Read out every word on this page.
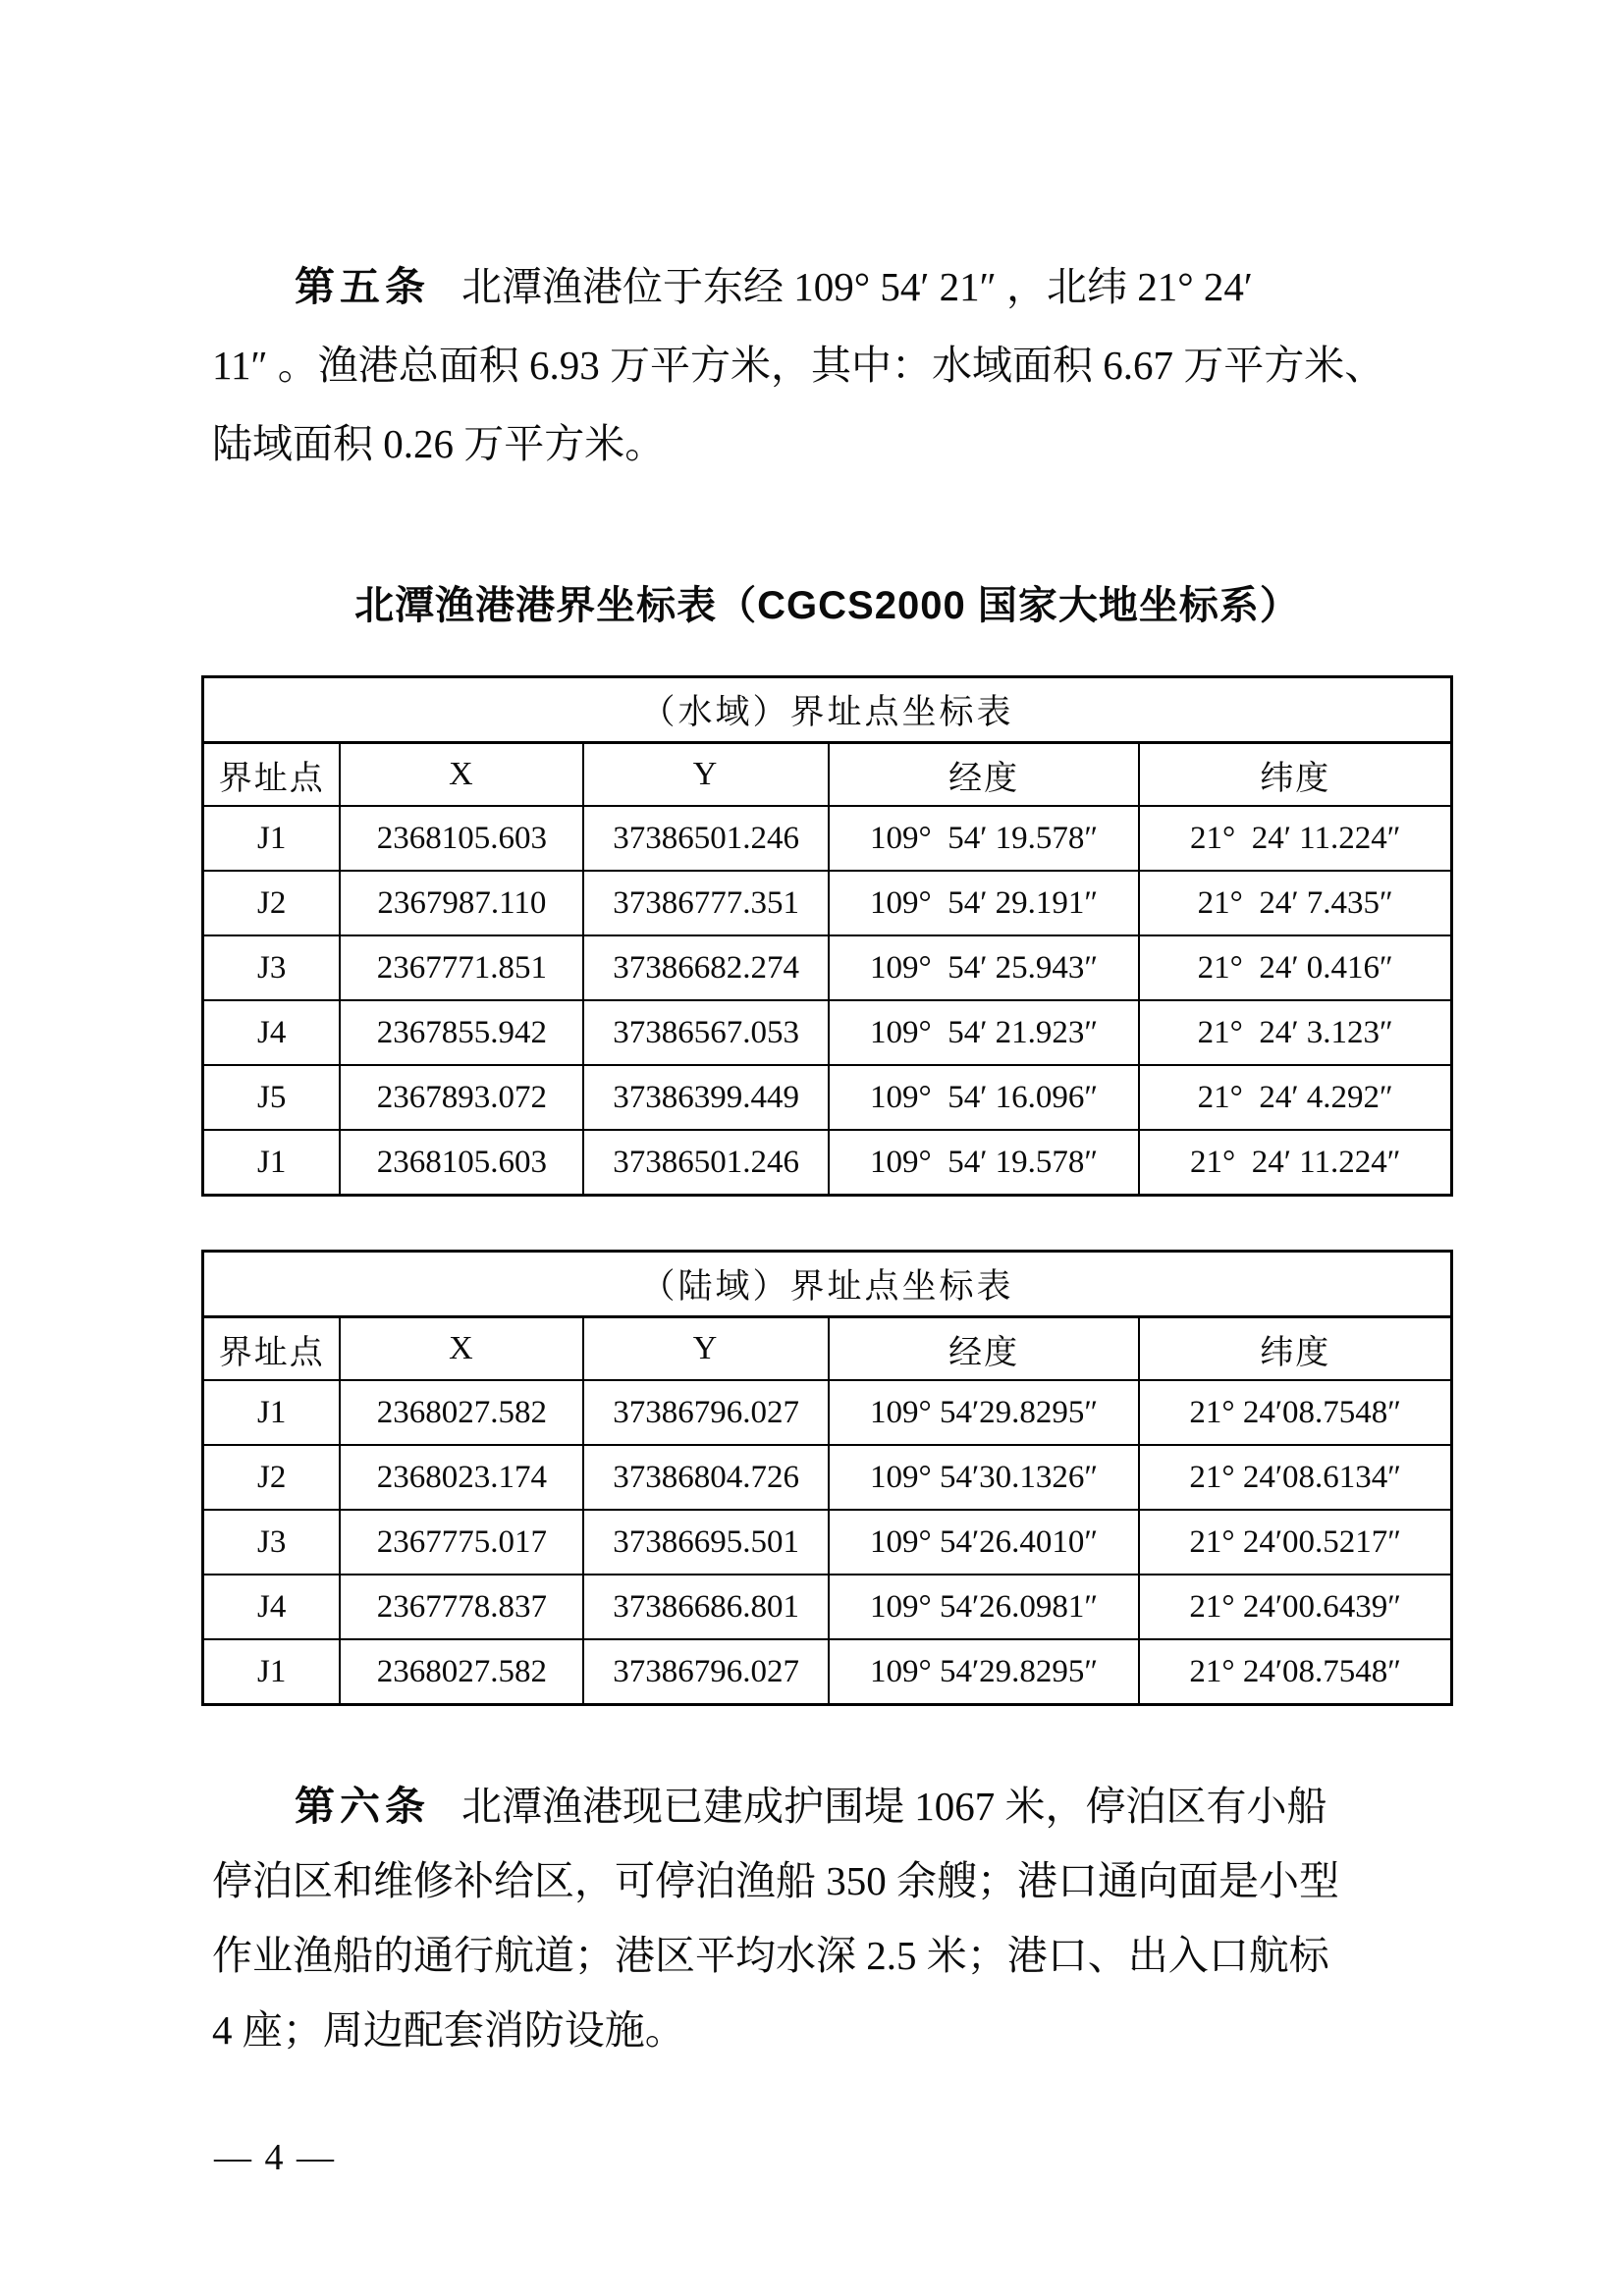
第五条 北潭渔港位于东经 109° 54′ 21″ ，北纬 21° 24′
11″ 。渔港总面积 6.93 万平方米，其中：水域面积 6.67 万平方米、
陆域面积 0.26 万平方米。
北潭渔港港界坐标表（CGCS2000 国家大地坐标系）
（水域）界址点坐标表				
界址点	X	Y	经度	纬度
J1	2368105.603	37386501.246	109°  54′ 19.578″	21°  24′ 11.224″
J2	2367987.110	37386777.351	109°  54′ 29.191″	21°  24′ 7.435″
J3	2367771.851	37386682.274	109°  54′ 25.943″	21°  24′ 0.416″
J4	2367855.942	37386567.053	109°  54′ 21.923″	21°  24′ 3.123″
J5	2367893.072	37386399.449	109°  54′ 16.096″	21°  24′ 4.292″
J1	2368105.603	37386501.246	109°  54′ 19.578″	21°  24′ 11.224″
（陆域）界址点坐标表				
界址点	X	Y	经度	纬度
J1	2368027.582	37386796.027	109° 54′29.8295″	21° 24′08.7548″
J2	2368023.174	37386804.726	109° 54′30.1326″	21° 24′08.6134″
J3	2367775.017	37386695.501	109° 54′26.4010″	21° 24′00.5217″
J4	2367778.837	37386686.801	109° 54′26.0981″	21° 24′00.6439″
J1	2368027.582	37386796.027	109° 54′29.8295″	21° 24′08.7548″
第六条 北潭渔港现已建成护围堤 1067 米，停泊区有小船
停泊区和维修补给区，可停泊渔船 350 余艘；港口通向面是小型
作业渔船的通行航道；港区平均水深 2.5 米；港口、出入口航标
4 座；周边配套消防设施。
— 4 —
